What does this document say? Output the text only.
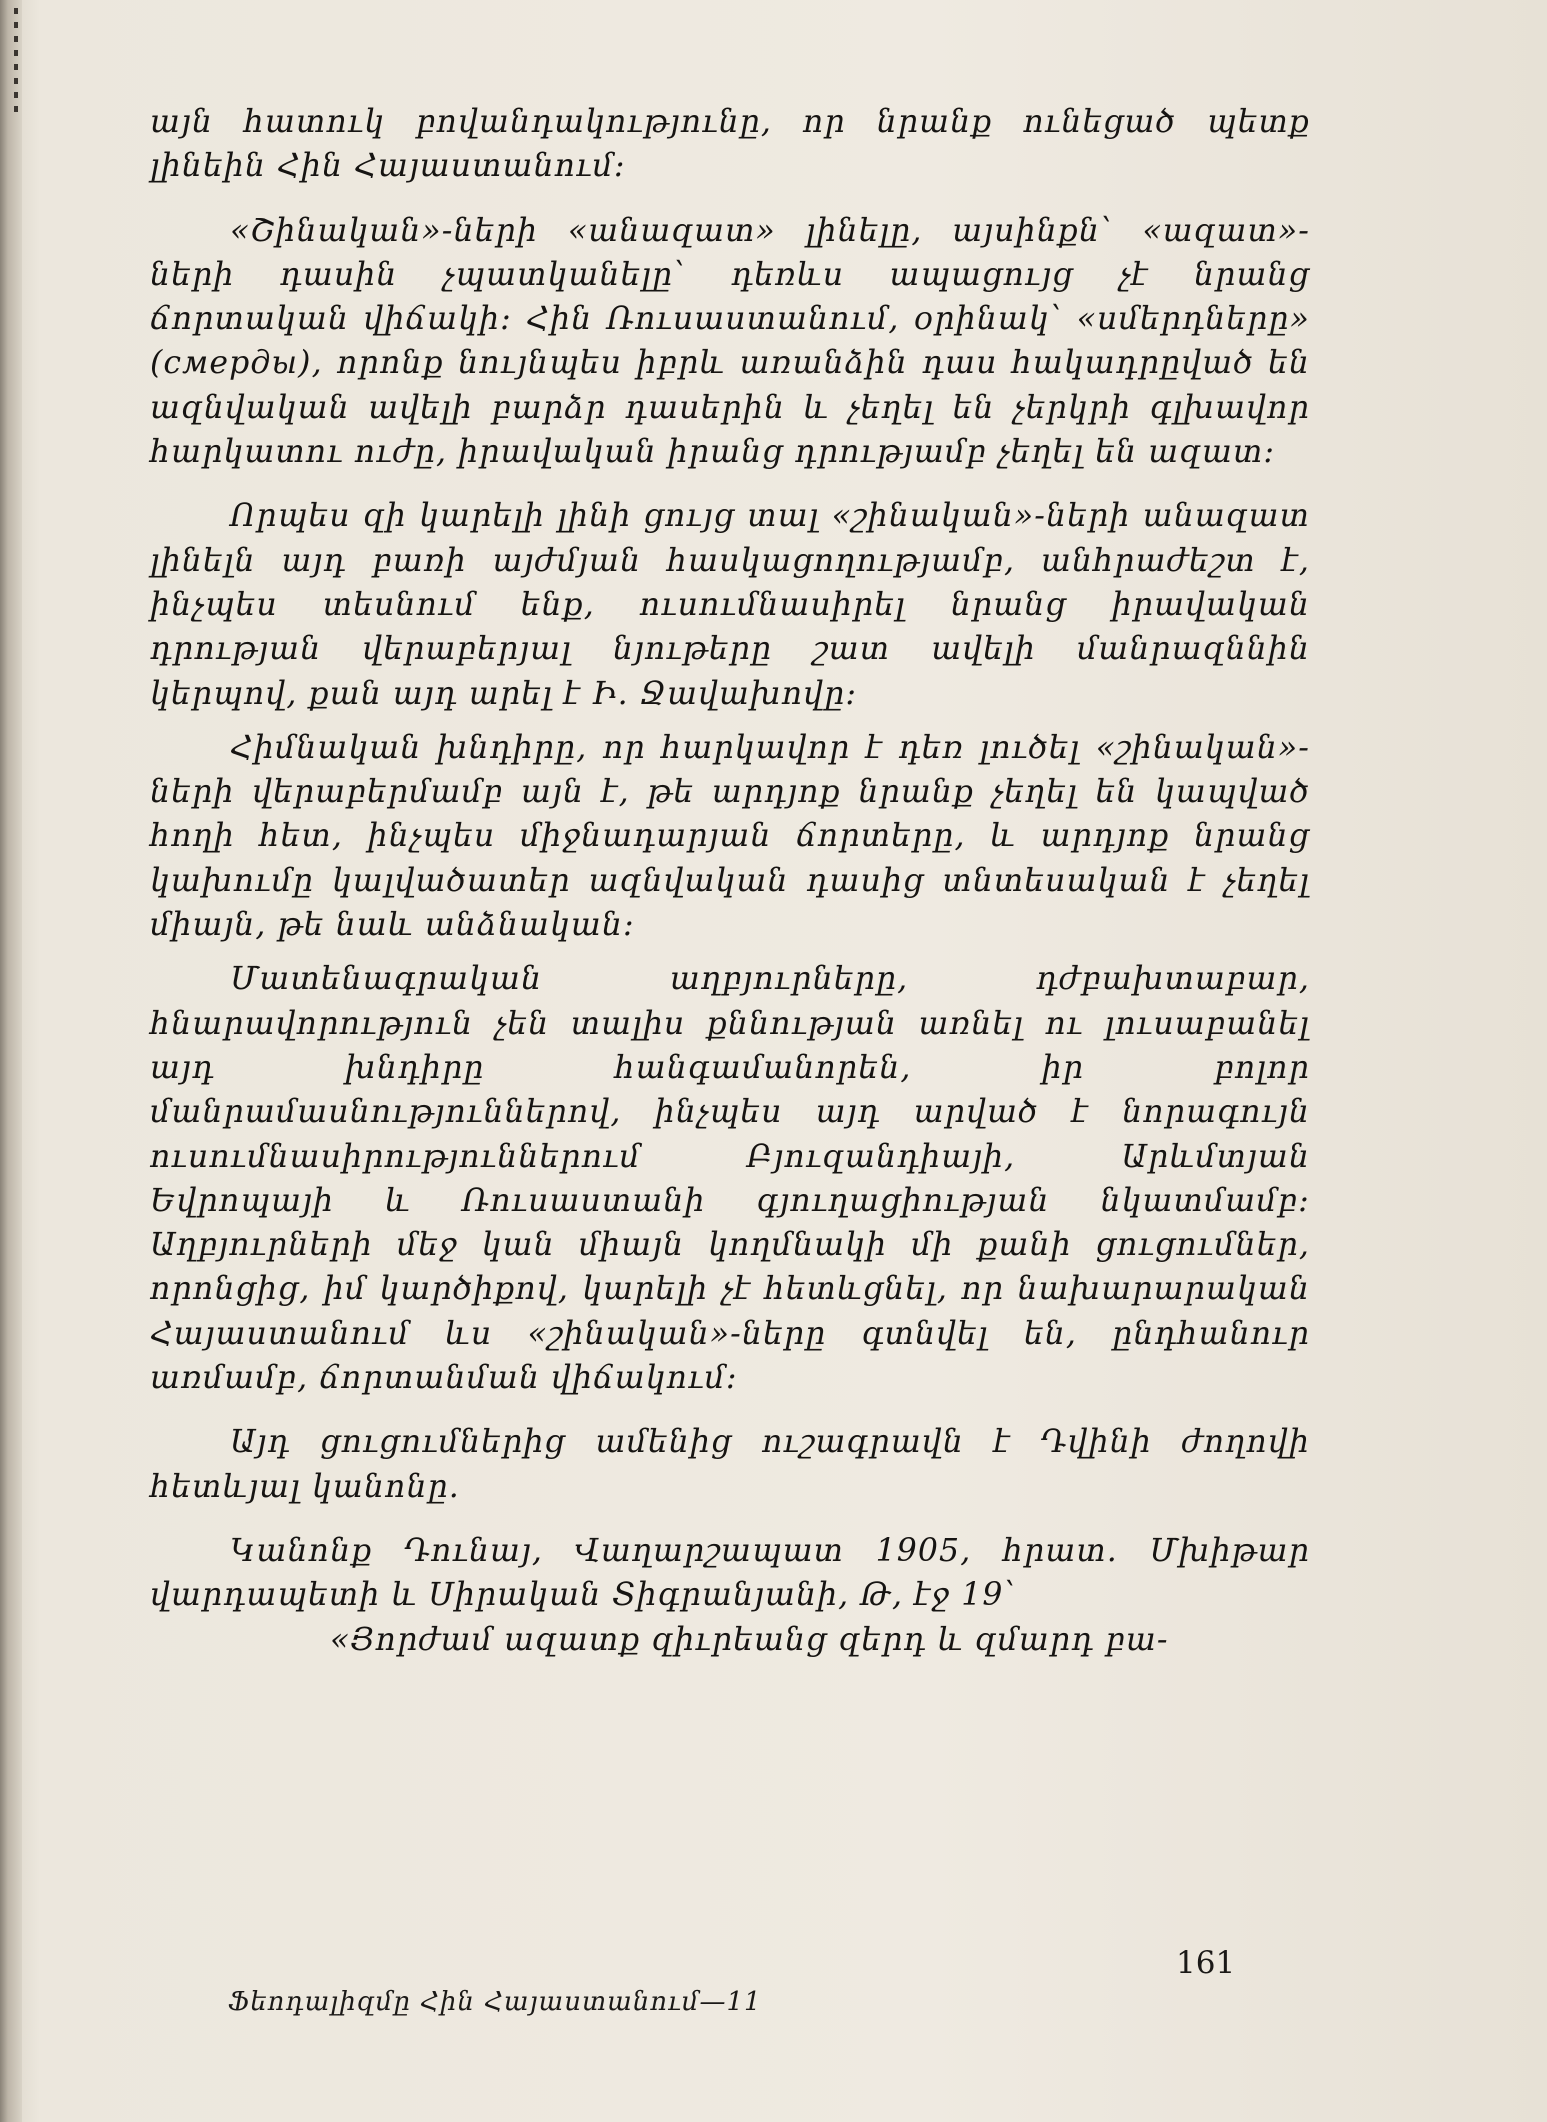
այն հատուկ բովանդակությունը, որ նրանք ունեցած պետք լինեին Հին Հայաստանում։

«Շինական»-ների «անազատ» լինելը, այսինքն՝ «ազատ»-ների դասին չպատկանելը՝ դեռևս ապացույց չէ նրանց ճորտական վիճակի։ Հին Ռուսաստանում, օրինակ՝ «սմերդները» (смерды), որոնք նույնպես իբրև առանձին դաս հակադրըված են ազնվական ավելի բարձր դասերին և չեղել են չերկրի գլխավոր հարկատու ուժը, իրավական իրանց դրությամբ չեղել են ազատ։

Որպես զի կարելի լինի ցույց տալ «շինական»-ների անազատ լինելն այդ բառի այժմյան հասկացողությամբ, անհրաժեշտ է, ինչպես տեսնում ենք, ուսումնասիրել նրանց իրավական դրության վերաբերյալ նյութերը շատ ավելի մանրազննին կերպով, քան այդ արել է Ի. Ջավախովը։

Հիմնական խնդիրը, որ հարկավոր է դեռ լուծել «շինական»-ների վերաբերմամբ այն է, թե արդյոք նրանք չեղել են կապված հողի հետ, ինչպես միջնադարյան ճորտերը, և արդյոք նրանց կախումը կալվածատեր ազնվական դասից տնտեսական է չեղել միայն, թե նաև անձնական։

Մատենագրական աղբյուրները, դժբախտաբար, հնարավորություն չեն տալիս քննության առնել ու լուսաբանել այդ խնդիրը հանգամանորեն, իր բոլոր մանրամասնություններով, ինչպես այդ արված է նորագույն ուսումնասիրություններում Բյուզանդիայի, Արևմտյան Եվրոպայի և Ռուսաստանի գյուղացիության նկատմամբ։ Աղբյուրների մեջ կան միայն կողմնակի մի քանի ցուցումներ, որոնցից, իմ կարծիքով, կարելի չէ հետևցնել, որ նախարարական Հայաստանում ևս «շինական»-ները գտնվել են, ընդհանուր առմամբ, ճորտանման վիճակում։

Այդ ցուցումներից ամենից ուշագրավն է Դվինի ժողովի հետևյալ կանոնը.

Կանոնք Դունայ, Վաղարշապատ 1905, հրատ. Մխիթար վարդապետի և Սիրական Տիգրանյանի, Թ, էջ 19՝

«Յորժամ ազատք զիւրեանց զերդ և զմարդ բա-

161
Ֆեոդալիզմը Հին Հայաստանում—11
